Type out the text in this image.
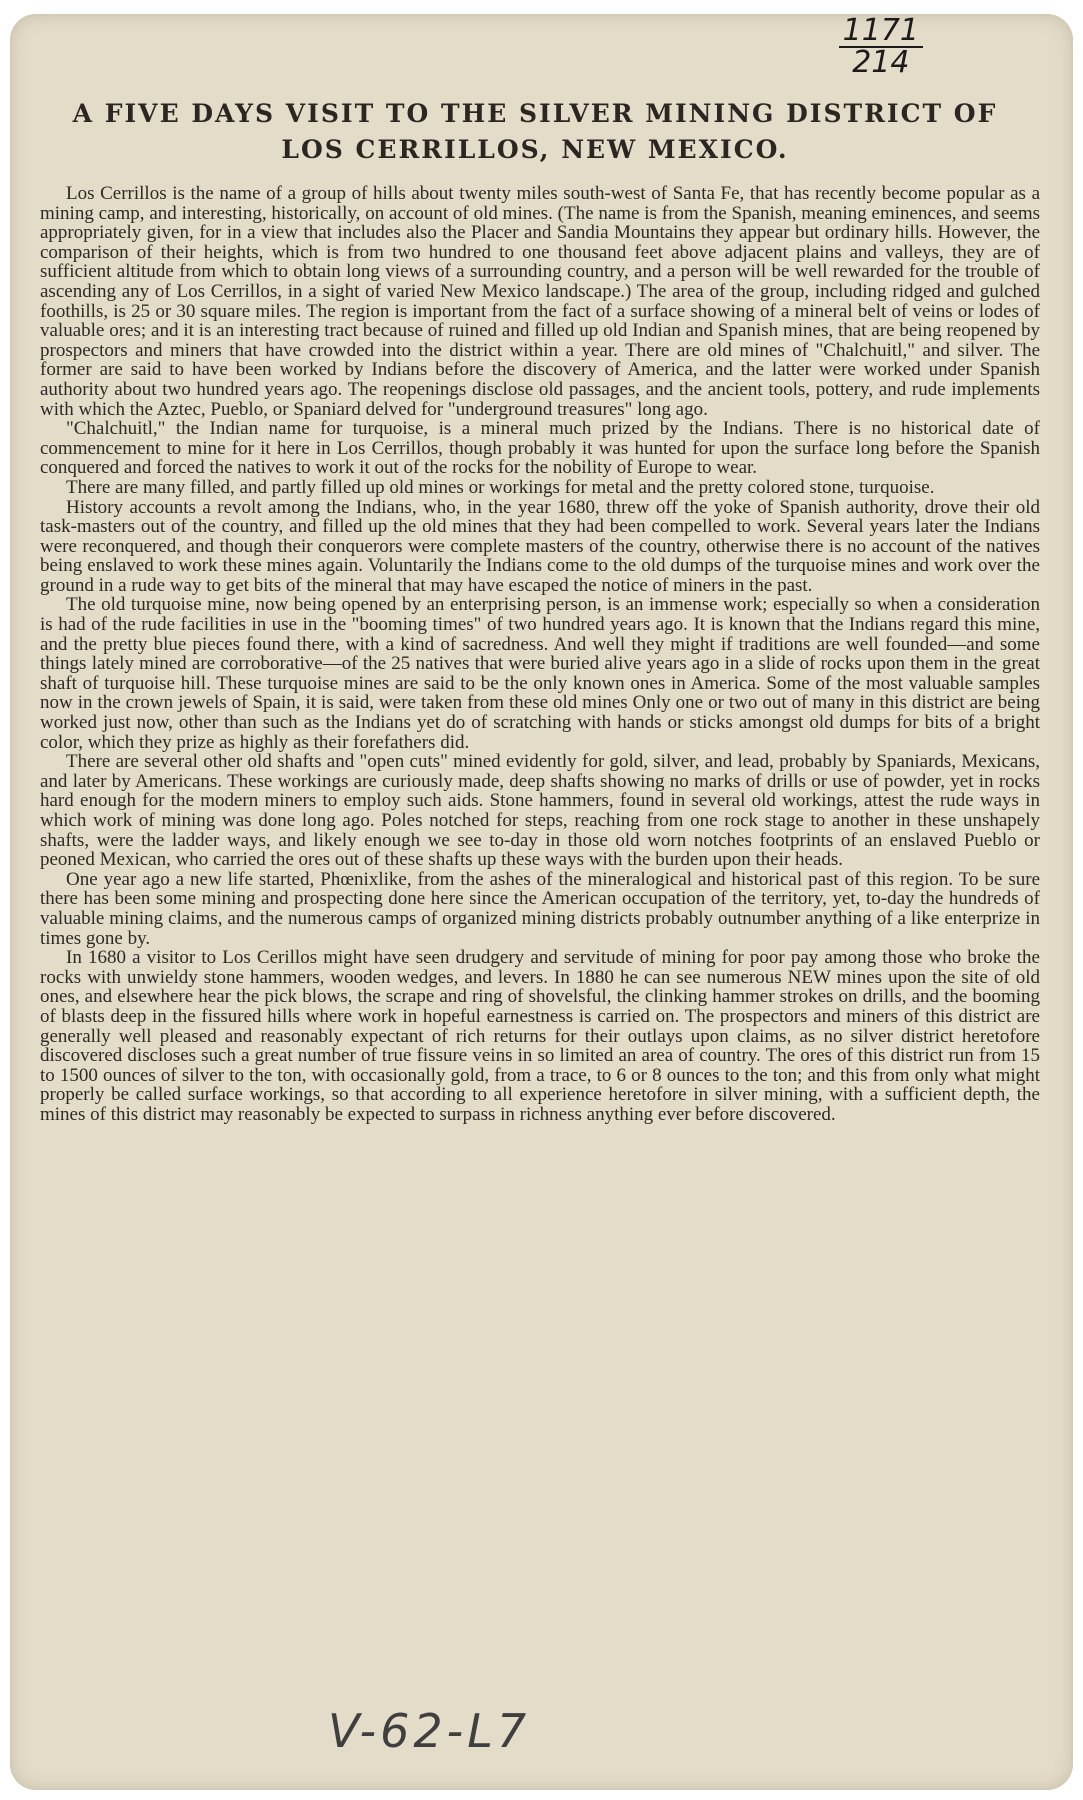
1171
214
A FIVE DAYS VISIT TO THE SILVER MINING DISTRICT OF LOS CERRILLOS, NEW MEXICO.

Los Cerrillos is the name of a group of hills about twenty miles south-west of Santa Fe, that has recently become popular as a mining camp, and interesting, historically, on account of old mines. (The name is from the Spanish, meaning eminences, and seems appropriately given, for in a view that includes also the Placer and Sandia Mountains they appear but ordinary hills. However, the comparison of their heights, which is from two hundred to one thousand feet above adjacent plains and valleys, they are of sufficient altitude from which to obtain long views of a surrounding country, and a person will be well rewarded for the trouble of ascending any of Los Cerrillos, in a sight of varied New Mexico landscape.) The area of the group, including ridged and gulched foothills, is 25 or 30 square miles. The region is important from the fact of a surface showing of a mineral belt of veins or lodes of valuable ores; and it is an interesting tract because of ruined and filled up old Indian and Spanish mines, that are being reopened by prospectors and miners that have crowded into the district within a year. There are old mines of "Chalchuitl," and silver. The former are said to have been worked by Indians before the discovery of America, and the latter were worked under Spanish authority about two hundred years ago. The reopenings disclose old passages, and the ancient tools, pottery, and rude implements with which the Aztec, Pueblo, or Spaniard delved for "underground treasures" long ago.

"Chalchuitl," the Indian name for turquoise, is a mineral much prized by the Indians. There is no historical date of commencement to mine for it here in Los Cerrillos, though probably it was hunted for upon the surface long before the Spanish conquered and forced the natives to work it out of the rocks for the nobility of Europe to wear.

There are many filled, and partly filled up old mines or workings for metal and the pretty colored stone, turquoise.

History accounts a revolt among the Indians, who, in the year 1680, threw off the yoke of Spanish authority, drove their old task-masters out of the country, and filled up the old mines that they had been compelled to work. Several years later the Indians were reconquered, and though their conquerors were complete masters of the country, otherwise there is no account of the natives being enslaved to work these mines again. Voluntarily the Indians come to the old dumps of the turquoise mines and work over the ground in a rude way to get bits of the mineral that may have escaped the notice of miners in the past.

The old turquoise mine, now being opened by an enterprising person, is an immense work; especially so when a consideration is had of the rude facilities in use in the "booming times" of two hundred years ago. It is known that the Indians regard this mine, and the pretty blue pieces found there, with a kind of sacredness. And well they might if traditions are well founded—and some things lately mined are corroborative—of the 25 natives that were buried alive years ago in a slide of rocks upon them in the great shaft of turquoise hill. These turquoise mines are said to be the only known ones in America. Some of the most valuable samples now in the crown jewels of Spain, it is said, were taken from these old mines Only one or two out of many in this district are being worked just now, other than such as the Indians yet do of scratching with hands or sticks amongst old dumps for bits of a bright color, which they prize as highly as their forefathers did.

There are several other old shafts and "open cuts" mined evidently for gold, silver, and lead, probably by Spaniards, Mexicans, and later by Americans. These workings are curiously made, deep shafts showing no marks of drills or use of powder, yet in rocks hard enough for the modern miners to employ such aids. Stone hammers, found in several old workings, attest the rude ways in which work of mining was done long ago. Poles notched for steps, reaching from one rock stage to another in these unshapely shafts, were the ladder ways, and likely enough we see to-day in those old worn notches footprints of an enslaved Pueblo or peoned Mexican, who carried the ores out of these shafts up these ways with the burden upon their heads.

One year ago a new life started, Phœnixlike, from the ashes of the mineralogical and historical past of this region. To be sure there has been some mining and prospecting done here since the American occupation of the territory, yet, to-day the hundreds of valuable mining claims, and the numerous camps of organized mining districts probably outnumber anything of a like enterprize in times gone by.

In 1680 a visitor to Los Cerillos might have seen drudgery and servitude of mining for poor pay among those who broke the rocks with unwieldy stone hammers, wooden wedges, and levers. In 1880 he can see numerous NEW mines upon the site of old ones, and elsewhere hear the pick blows, the scrape and ring of shovelsful, the clinking hammer strokes on drills, and the booming of blasts deep in the fissured hills where work in hopeful earnestness is carried on. The prospectors and miners of this district are generally well pleased and reasonably expectant of rich returns for their outlays upon claims, as no silver district heretofore discovered discloses such a great number of true fissure veins in so limited an area of country. The ores of this district run from 15 to 1500 ounces of silver to the ton, with occasionally gold, from a trace, to 6 or 8 ounces to the ton; and this from only what might properly be called surface workings, so that according to all experience heretofore in silver mining, with a sufficient depth, the mines of this district may reasonably be expected to surpass in richness anything ever before discovered.

V-62-L7
